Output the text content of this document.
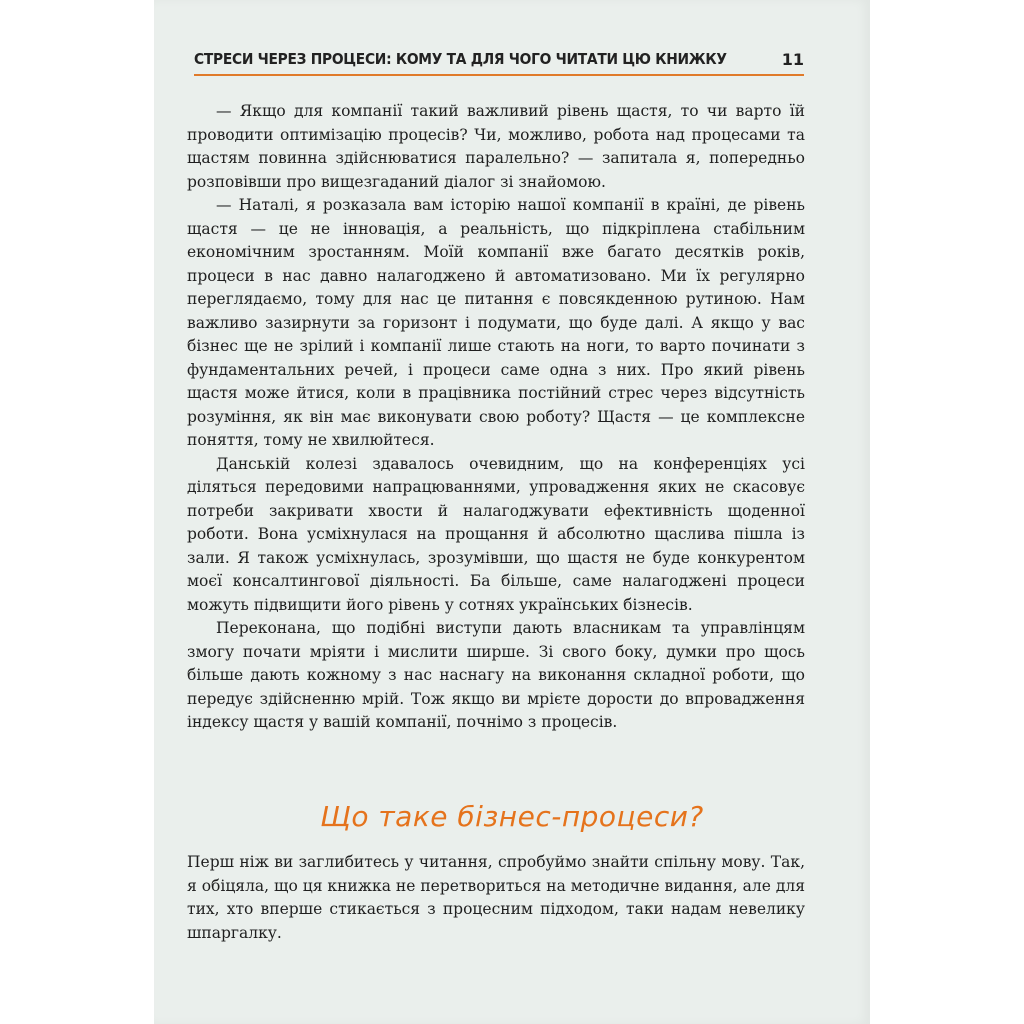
СТРЕСИ ЧЕРЕЗ ПРОЦЕСИ: КОМУ ТА ДЛЯ ЧОГО ЧИТАТИ ЦЮ КНИЖКУ	11

— Якщо для компанії такий важливий рівень щастя, то чи варто їй проводити оптимізацію процесів? Чи, можливо, робота над процесами та щастям повинна здійснюватися паралельно? — запитала я, попередньо розповівши про вищезгаданий діалог зі знайомою.

— Наталі, я розказала вам історію нашої компанії в країні, де рівень щастя — це не інновація, а реальність, що підкріплена стабільним економічним зростанням. Моїй компанії вже багато десятків років, процеси в нас давно налагоджено й автоматизовано. Ми їх регулярно переглядаємо, тому для нас це питання є повсякденною рутиною. Нам важливо зазирнути за горизонт і подумати, що буде далі. А якщо у вас бізнес ще не зрілий і компанії лише стають на ноги, то варто починати з фундаментальних речей, і процеси саме одна з них. Про який рівень щастя може йтися, коли в працівника постійний стрес через відсутність розуміння, як він має виконувати свою роботу? Щастя — це комплексне поняття, тому не хвилюйтеся.

Данській колезі здавалось очевидним, що на конференціях усі діляться передовими напрацюваннями, упровадження яких не скасовує потреби закривати хвости й налагоджувати ефективність щоденної роботи. Вона усміхнулася на прощання й абсолютно щаслива пішла із зали. Я також усміхнулась, зрозумівши, що щастя не буде конкурентом моєї консалтингової діяльності. Ба більше, саме налагоджені процеси можуть підвищити його рівень у сотнях українських бізнесів.

Переконана, що подібні виступи дають власникам та управлінцям змогу почати мріяти і мислити ширше. Зі свого боку, думки про щось більше дають кожному з нас наснагу на виконання складної роботи, що передує здійсненню мрій. Тож якщо ви мрієте дорости до впровадження індексу щастя у вашій компанії, почнімо з процесів.

Що таке бізнес-процеси?

Перш ніж ви заглибитесь у читання, спробуймо знайти спільну мову. Так, я обіцяла, що ця книжка не перетвориться на методичне видання, але для тих, хто вперше стикається з процесним підходом, таки надам невелику шпаргалку.
